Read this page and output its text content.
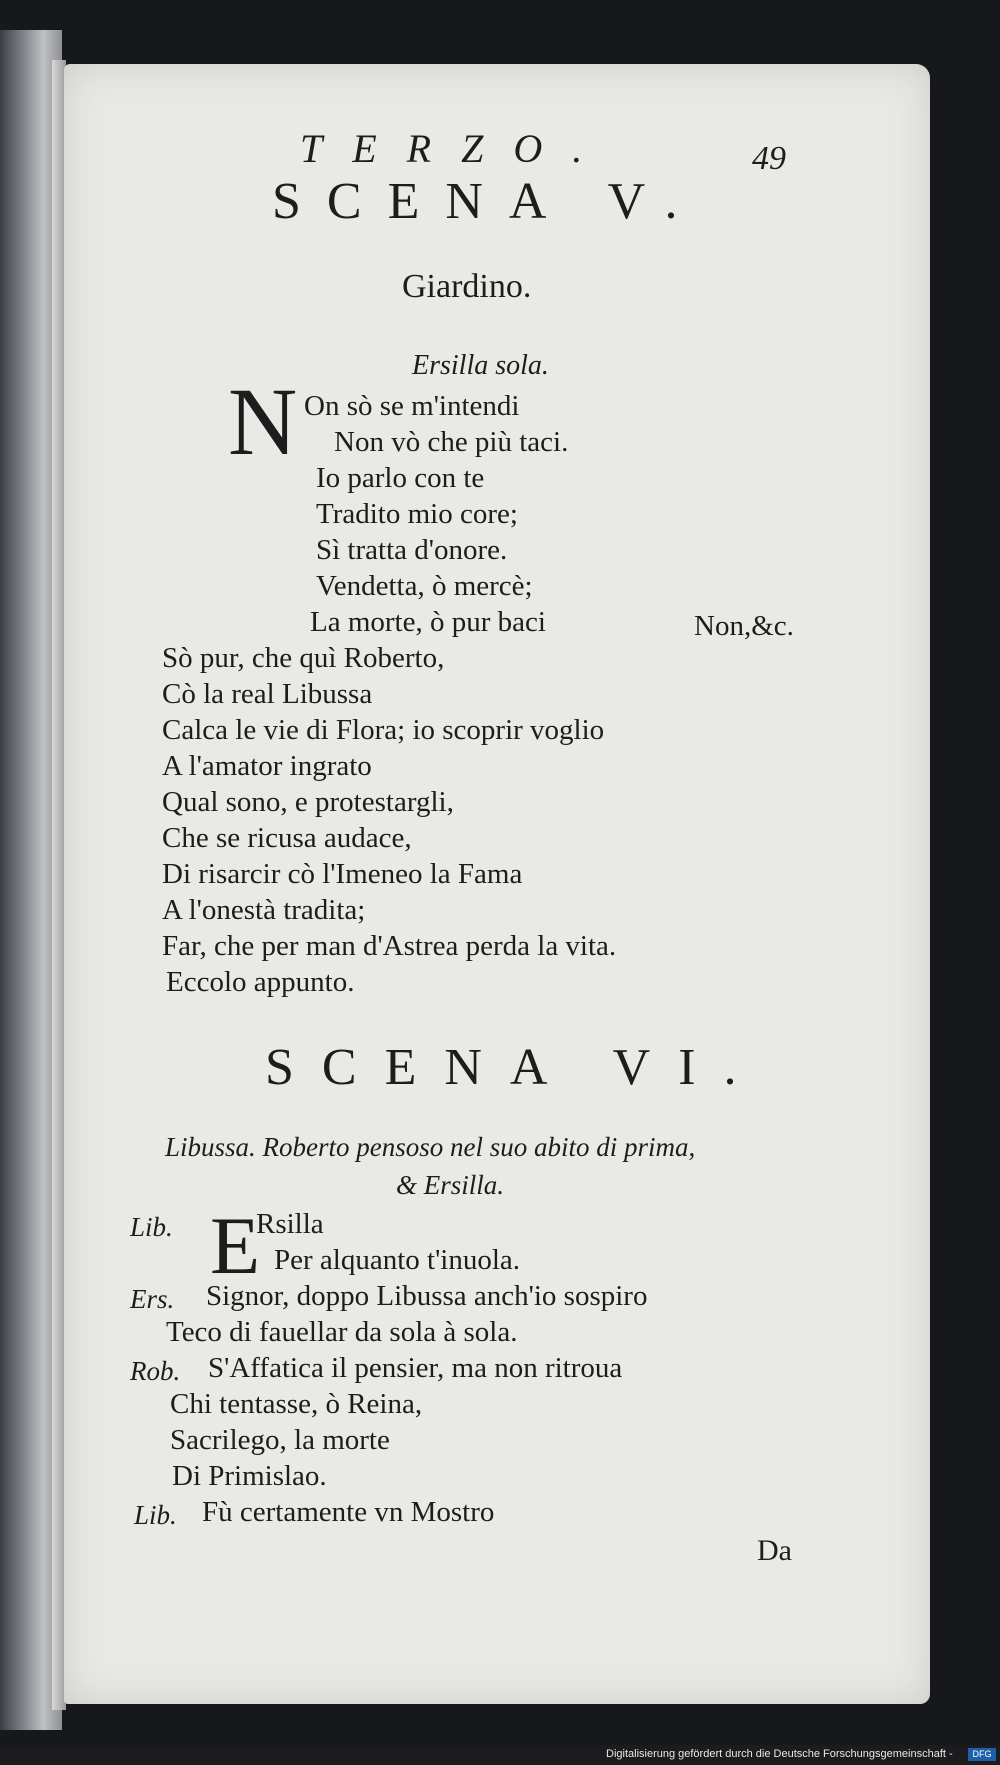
TERZO.	49
SCENA V.
Giardino.
Ersilla sola.
N On sò se m'intendi
Non vò che più taci.
Io parlo con te
Tradito mio core;
Sì tratta d'onore.
Vendetta, ò mercè;
La morte, ò pur baci	Non,&c.
Sò pur, che quì Roberto,
Cò la real Libussa
Calca le vie di Flora; io scoprir voglio
A l'amator ingrato
Qual sono, e protestargli,
Che se ricusa audace,
Di risarcir cò l'Imeneo la Fama
A l'onestà tradita;
Far, che per man d'Astrea perda la vita.
Eccolo appunto.
SCENA VI.
Libussa. Roberto pensoso nel suo abito di prima,
& Ersilla.
Lib. E
Rsilla
Per alquanto t'inuola.
Ers. Signor, doppo Libussa anch'io sospiro
Teco di fauellar da sola à sola.
Rob. S'Affatica il pensier, ma non ritroua
Chi tentasse, ò Reina,
Sacrilego, la morte
Di Primislao.
Lib. Fù certamente vn Mostro
Da
Digitalisierung gefördert durch die Deutsche Forschungsgemeinschaft -	DFG
